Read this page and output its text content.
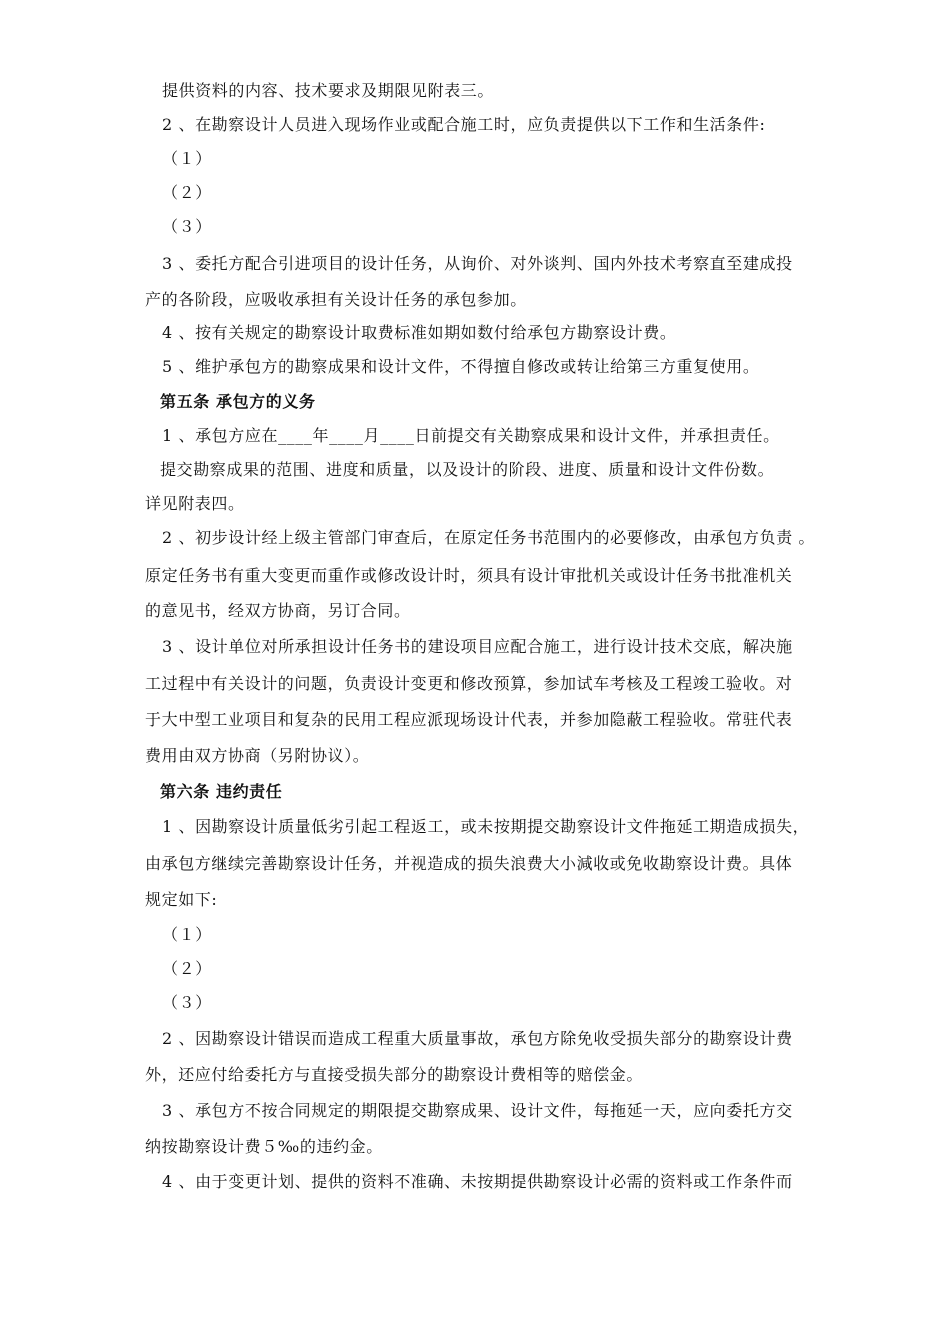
提供资料的内容、技术要求及期限见附表三。
2 、在勘察设计人员进入现场作业或配合施工时，应负责提供以下工作和生活条件:
（１）
（２）
（３）
3 、委托方配合引进项目的设计任务，从询价、对外谈判、国内外技术考察直至建成投
产的各阶段，应吸收承担有关设计任务的承包参加。
4 、按有关规定的勘察设计取费标准如期如数付给承包方勘察设计费。
5 、维护承包方的勘察成果和设计文件，不得擅自修改或转让给第三方重复使用。
第五条 承包方的义务
1 、承包方应在____年____月____日前提交有关勘察成果和设计文件，并承担责任。
提交勘察成果的范围、进度和质量，以及设计的阶段、进度、质量和设计文件份数。
详见附表四。
2 、初步设计经上级主管部门审查后，在原定任务书范围内的必要修改，由承包方负责 。
原定任务书有重大变更而重作或修改设计时，须具有设计审批机关或设计任务书批准机关
的意见书，经双方协商，另订合同。
3 、设计单位对所承担设计任务书的建设项目应配合施工，进行设计技术交底，解决施
工过程中有关设计的问题，负责设计变更和修改预算，参加试车考核及工程竣工验收。对
于大中型工业项目和复杂的民用工程应派现场设计代表，并参加隐蔽工程验收。常驻代表
费用由双方协商（另附协议）。
第六条 违约责任
1 、因勘察设计质量低劣引起工程返工，或未按期提交勘察设计文件拖延工期造成损失，
由承包方继续完善勘察设计任务，并视造成的损失浪费大小減收或免收勘察设计费。具体
规定如下:
（１）
（２）
（３）
2 、因勘察设计错误而造成工程重大质量事故，承包方除免收受损失部分的勘察设计费
外，还应付给委托方与直接受损失部分的勘察设计费相等的赔偿金。
3 、承包方不按合同规定的期限提交勘察成果、设计文件，每拖延一天，应向委托方交
纳按勘察设计费５‰的违约金。
4 、由于变更计划、提供的资料不准确、未按期提供勘察设计必需的资料或工作条件而
